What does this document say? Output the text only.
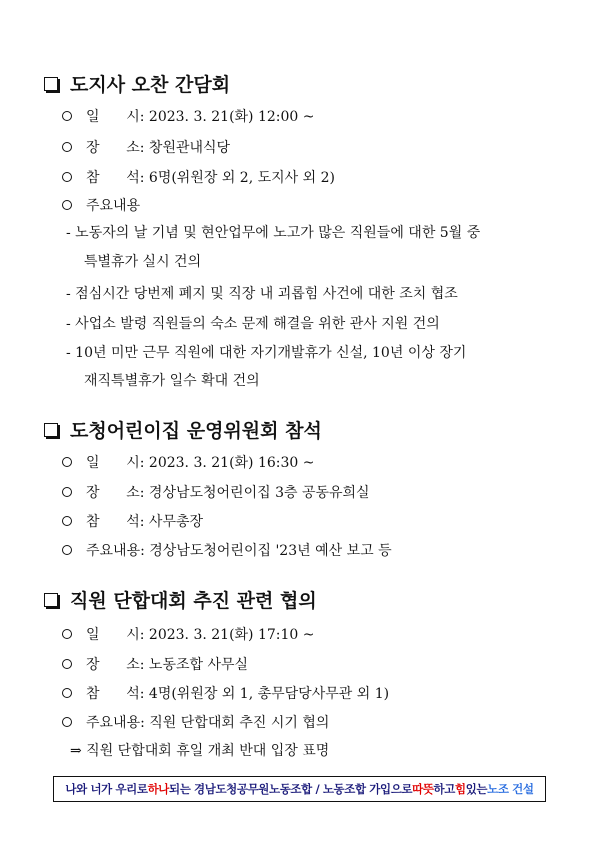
도지사 오찬 간담회
일      시 : 2023. 3. 21(화) 12:00 ~
장      소 : 창원관내식당
참      석 : 6명(위원장 외 2, 도지사 외 2)
주요내용
- 노동자의 날 기념 및 현안업무에 노고가 많은 직원들에 대한 5월 중
특별휴가 실시 건의
- 점심시간 당번제 폐지 및 직장 내 괴롭힘 사건에 대한 조치 협조
- 사업소 발령 직원들의 숙소 문제 해결을 위한 관사 지원 건의
- 10년 미만 근무 직원에 대한 자기개발휴가 신설, 10년 이상 장기
재직특별휴가 일수 확대 건의
도청어린이집 운영위원회 참석
일      시 : 2023. 3. 21(화) 16:30 ~
장      소 : 경상남도청어린이집 3층 공동유희실
참      석 : 사무총장
주요내용 : 경상남도청어린이집 '23년 예산 보고 등
직원 단합대회 추진 관련 협의
일      시 : 2023. 3. 21(화) 17:10 ~
장      소 : 노동조합 사무실
참      석 : 4명(위원장 외 1, 총무담당사무관 외 1)
주요내용 : 직원 단합대회 추진 시기 협의
⇒ 직원 단합대회 휴일 개최 반대 입장 표명
나와 너가 우리로 하나 되는 경남도청공무원노동조합 / 노동조합 가입으로 따뜻 하고 힘 있는 노조 건설
